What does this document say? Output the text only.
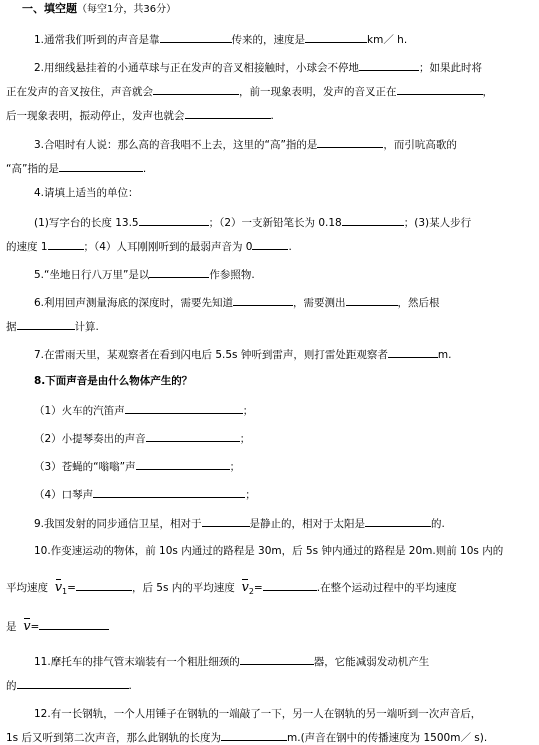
一、填空题（每空1分，共36分）
1.通常我们听到的声音是靠	传来的，速度是	km／ h.
2.用细线悬挂着的小通草球与正在发声的音叉相接触时，小球会不停地	；如果此时将
正在发声的音叉按住，声音就会	，前一现象表明，发声的音叉正在	，
后一现象表明，振动停止，发声也就会	.
3.合唱时有人说：那么高的音我唱不上去，这里的“高”指的是	，而引吭高歌的
“高”指的是	.
4.请填上适当的单位：
(1)写字台的长度 13.5	；（2）一支新铅笔长为 0.18	；(3)某人步行
的速度 1	；（4）人耳刚刚听到的最弱声音为 0	.
5.“坐地日行八万里”是以	作参照物.
6.利用回声测量海底的深度时，需要先知道	，需要测出	，然后根
据	计算.
7.在雷雨天里，某观察者在看到闪电后 5.5s 钟听到雷声，则打雷处距观察者	m.
8.下面声音是由什么物体产生的？
（1）火车的汽笛声	；
（2）小提琴奏出的声音	；
（3）苍蝇的“嗡嗡”声	；
（4）口琴声	；
9.我国发射的同步通信卫星，相对于	是静止的，相对于太阳是	的.
10.作变速运动的物体，前 10s 内通过的路程是 30m，后 5s 钟内通过的路程是 20m.则前 10s 内的
平均速度 $v_1=$	，后 5s 内的平均速度 $v_2=$	.在整个运动过程中的平均速度
是 v=
11.摩托车的排气管末端装有一个粗肚细颈的	器，它能减弱发动机产生
的	.
12.有一长钢轨，一个人用锤子在钢轨的一端敲了一下，另一人在钢轨的另一端听到一次声音后，
1s 后又听到第二次声音，那么此钢轨的长度为	m.(声音在钢中的传播速度为 1500m／ s).
